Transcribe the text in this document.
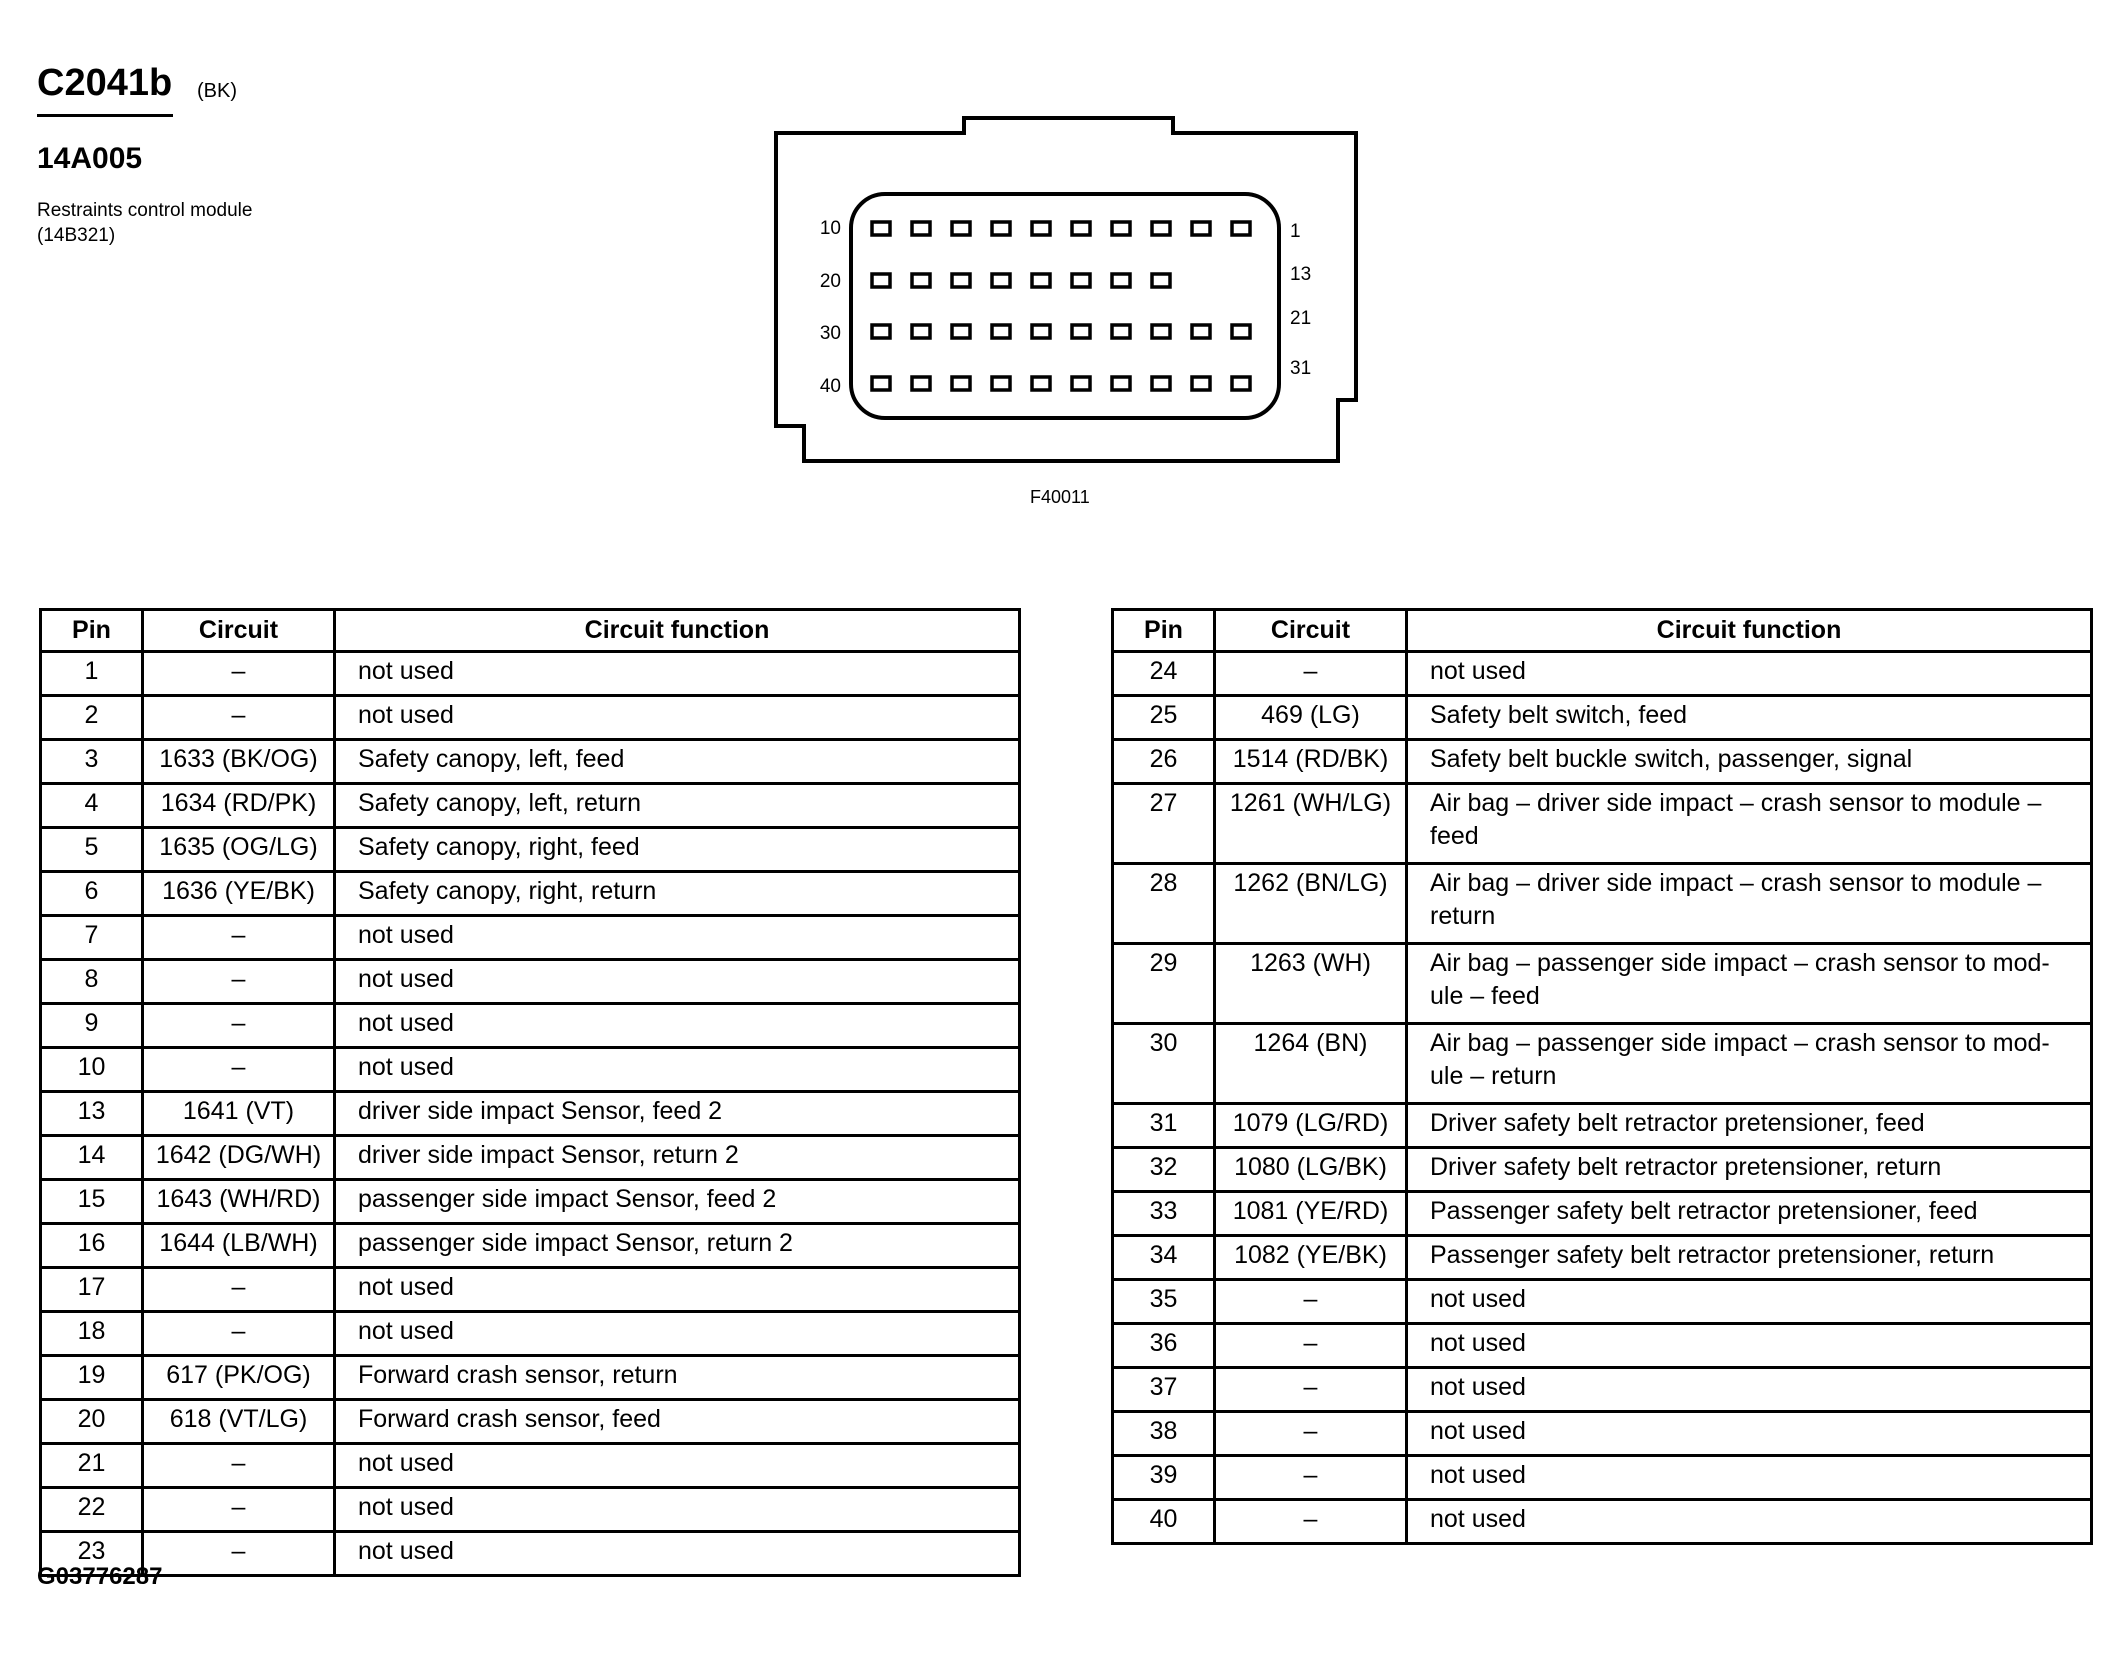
C2041b (BK)
14A005
Restraints control module (14B321)	10
20
30
40
1
13
21
31
F40011
Pin	Circuit	Circuit function
1	–	not used
2	–	not used
3	1633 (BK/OG)	Safety canopy, left, feed
4	1634 (RD/PK)	Safety canopy, left, return
5	1635 (OG/LG)	Safety canopy, right, feed
6	1636 (YE/BK)	Safety canopy, right, return
7	–	not used
8	–	not used
9	–	not used
10	–	not used
13	1641 (VT)	driver side impact Sensor, feed 2
14	1642 (DG/WH)	driver side impact Sensor, return 2
15	1643 (WH/RD)	passenger side impact Sensor, feed 2
16	1644 (LB/WH)	passenger side impact Sensor, return 2
17	–	not used
18	–	not used
19	617 (PK/OG)	Forward crash sensor, return
20	618 (VT/LG)	Forward crash sensor, feed
21	–	not used
22	–	not used
23	–	not used
Pin	Circuit	Circuit function
24	–	not used
25	469 (LG)	Safety belt switch, feed
26	1514 (RD/BK)	Safety belt buckle switch, passenger, signal
27	1261 (WH/LG)	Air bag – driver side impact – crash sensor to module – feed
28	1262 (BN/LG)	Air bag – driver side impact – crash sensor to module – return
29	1263 (WH)	Air bag – passenger side impact – crash sensor to mod-ule – feed
30	1264 (BN)	Air bag – passenger side impact – crash sensor to mod-ule – return
31	1079 (LG/RD)	Driver safety belt retractor pretensioner, feed
32	1080 (LG/BK)	Driver safety belt retractor pretensioner, return
33	1081 (YE/RD)	Passenger safety belt retractor pretensioner, feed
34	1082 (YE/BK)	Passenger safety belt retractor pretensioner, return
35	–	not used
36	–	not used
37	–	not used
38	–	not used
39	–	not used
40	–	not used
G03776287
